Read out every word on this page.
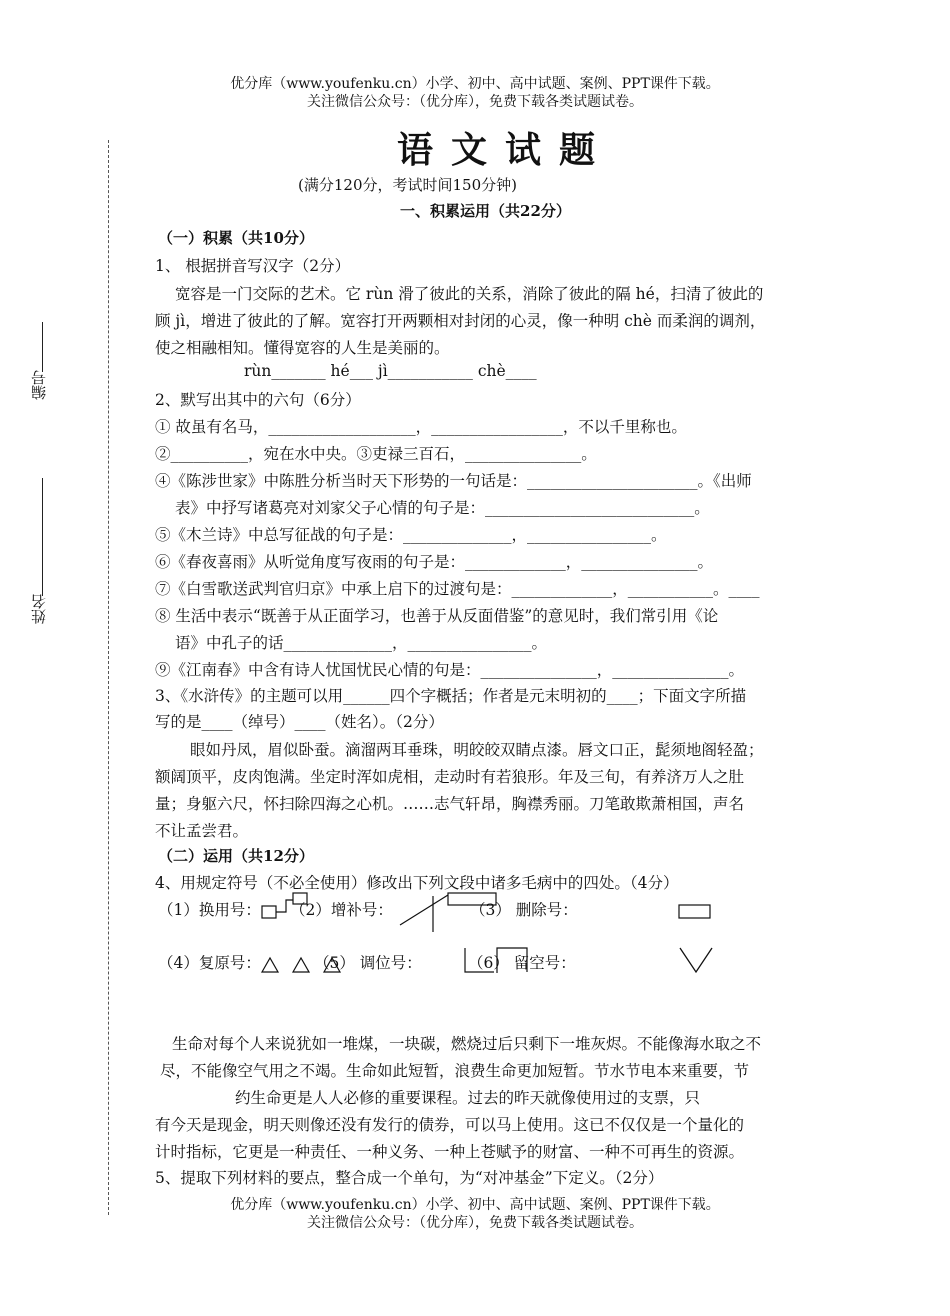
优分库（www.youfenku.cn）小学、初中、高中试题、案例、PPT课件下载。
关注微信公众号：（优分库），免费下载各类试题试卷。
编号
姓名
语文试题
(满分120分，考试时间150分钟)
一、积累运用（共22分）
（一）积累（共10分）
1、 根据拼音写汉字（2分）
宽容是一门交际的艺术。它 rùn 滑了彼此的关系，消除了彼此的隔 hé，扫清了彼此的
顾 jì，增进了彼此的了解。宽容打开两颗相对封闭的心灵，像一种明 chè 而柔润的调剂，
使之相融相知。懂得宽容的人生是美丽的。
rùn_______ hé___ jì___________ chè____
2、默写出其中的六句（6分）
① 故虽有名马，___________________，_________________，不以千里称也。
②__________，宛在水中央。③吏禄三百石，_______________。
④《陈涉世家》中陈胜分析当时天下形势的一句话是：______________________。《出师
表》中抒写诸葛亮对刘家父子心情的句子是：___________________________。
⑤《木兰诗》中总写征战的句子是：______________，________________。
⑥《春夜喜雨》从听觉角度写夜雨的句子是：_____________，_______________。
⑦《白雪歌送武判官归京》中承上启下的过渡句是：_____________，___________。____
⑧ 生活中表示“既善于从正面学习，也善于从反面借鉴”的意见时，我们常引用《论
语》中孔子的话______________，________________。
⑨《江南春》中含有诗人忧国忧民心情的句是：_______________，_______________。
3、《水浒传》的主题可以用______四个字概括；作者是元末明初的____；下面文字所描
写的是____（绰号）____（姓名）。（2分）
眼如丹凤，眉似卧蚕。滴溜两耳垂珠，明皎皎双睛点漆。唇文口正，髭须地阁轻盈；
额阔顶平，皮肉饱满。坐定时浑如虎相，走动时有若狼形。年及三旬，有养济万人之肚
量；身躯六尺，怀扫除四海之心机。……志气轩昂，胸襟秀丽。刀笔敢欺萧相国，声名
不让孟尝君。
（二）运用（共12分）
4、用规定符号（不必全使用）修改出下列文段中诸多毛病中的四处。（4分）
（1）换用号： （2）增补号：	（3） 删除号：
（4）复原号：	（5） 调位号：	（6） 留空号：
生命对每个人来说犹如一堆煤，一块碳，燃烧过后只剩下一堆灰烬。不能像海水取之不
尽，不能像空气用之不竭。生命如此短暂，浪费生命更加短暂。节水节电本来重要，节
约生命更是人人必修的重要课程。过去的昨天就像使用过的支票，只
有今天是现金，明天则像还没有发行的债券，可以马上使用。这已不仅仅是一个量化的
计时指标，它更是一种责任、一种义务、一种上苍赋予的财富、一种不可再生的资源。
5、提取下列材料的要点，整合成一个单句，为“对冲基金”下定义。（2分）
优分库（www.youfenku.cn）小学、初中、高中试题、案例、PPT课件下载。
关注微信公众号：（优分库），免费下载各类试题试卷。
